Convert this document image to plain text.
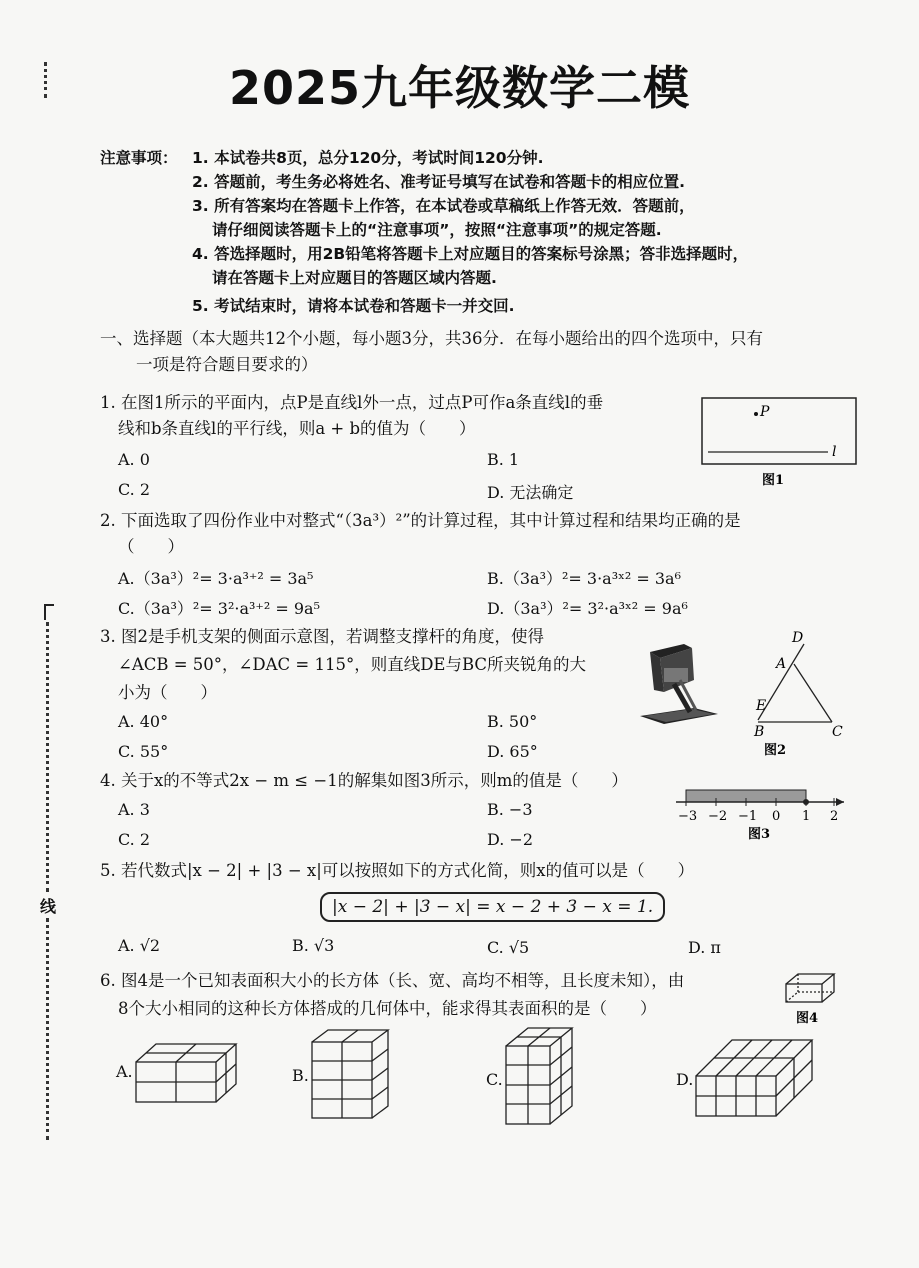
2025九年级数学二模
线
注意事项： 1. 本试卷共8页，总分120分，考试时间120分钟.
2. 答题前，考生务必将姓名、准考证号填写在试卷和答题卡的相应位置.
3. 所有答案均在答题卡上作答，在本试卷或草稿纸上作答无效．答题前，
请仔细阅读答题卡上的“注意事项”，按照“注意事项”的规定答题.
4. 答选择题时，用2B铅笔将答题卡上对应题目的答案标号涂黑；答非选择题时，
请在答题卡上对应题目的答题区域内答题.
5. 考试结束时，请将本试卷和答题卡一并交回.
一、选择题（本大题共12个小题，每小题3分，共36分．在每小题给出的四个选项中，只有
一项是符合题目要求的）
1. 在图1所示的平面内，点P是直线l外一点，过点P可作a条直线l的垂
线和b条直线l的平行线，则a + b的值为（　　）
A. 0	B. 1
C. 2	D. 无法确定
P
l
图1
2. 下面选取了四份作业中对整式“（3a³）²”的计算过程，其中计算过程和结果均正确的是
（　　）
A.（3a³）²= 3·a³⁺² = 3a⁵	B.（3a³）²= 3·a³ˣ² = 3a⁶
C.（3a³）²= 3²·a³⁺² = 9a⁵	D.（3a³）²= 3²·a³ˣ² = 9a⁶
3. 图2是手机支架的侧面示意图，若调整支撑杆的角度，使得
∠ACB = 50°，∠DAC = 115°，则直线DE与BC所夹锐角的大
小为（　　）
A. 40°	B. 50°
C. 55°	D. 65°
D
A
E
B	C
图2
4. 关于x的不等式2x − m ≤ −1的解集如图3所示，则m的值是（　　）
A. 3	B. −3
C. 2	D. −2
−3 −2 −1 0 1 2
图3
5. 若代数式|x − 2| + |3 − x|可以按照如下的方式化简，则x的值可以是（　　）
|x − 2| + |3 − x| = x − 2 + 3 − x = 1.
A. √2	B. √3	C. √5	D. π
6. 图4是一个已知表面积大小的长方体（长、宽、高均不相等，且长度未知），由
8个大小相同的这种长方体搭成的几何体中，能求得其表面积的是（　　）
图4
A.	B.	C.	D.
